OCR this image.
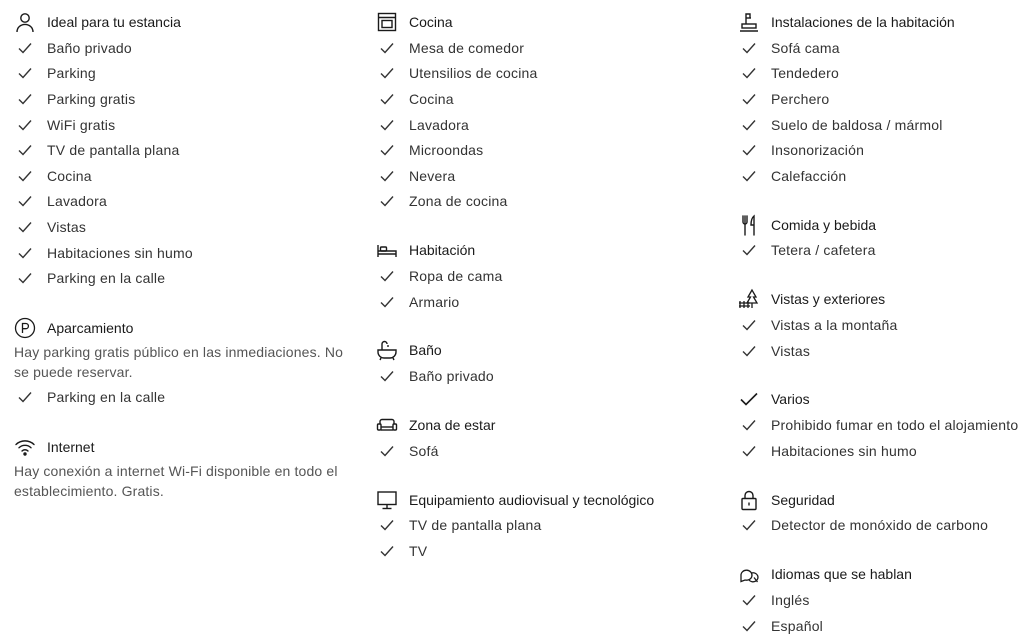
Ideal para tu estancia
Baño privado
Parking
Parking gratis
WiFi gratis
TV de pantalla plana
Cocina
Lavadora
Vistas
Habitaciones sin humo
Parking en la calle
Aparcamiento
Hay parking gratis público en las inmediaciones. No se puede reservar.
Parking en la calle
Internet
Hay conexión a internet Wi-Fi disponible en todo el establecimiento. Gratis.
Cocina
Mesa de comedor
Utensilios de cocina
Cocina
Lavadora
Microondas
Nevera
Zona de cocina
Habitación
Ropa de cama
Armario
Baño
Baño privado
Zona de estar
Sofá
Equipamiento audiovisual y tecnológico
TV de pantalla plana
TV
Instalaciones de la habitación
Sofá cama
Tendedero
Perchero
Suelo de baldosa / mármol
Insonorización
Calefacción
Comida y bebida
Tetera / cafetera
Vistas y exteriores
Vistas a la montaña
Vistas
Varios
Prohibido fumar en todo el alojamiento
Habitaciones sin humo
Seguridad
Detector de monóxido de carbono
Idiomas que se hablan
Inglés
Español
